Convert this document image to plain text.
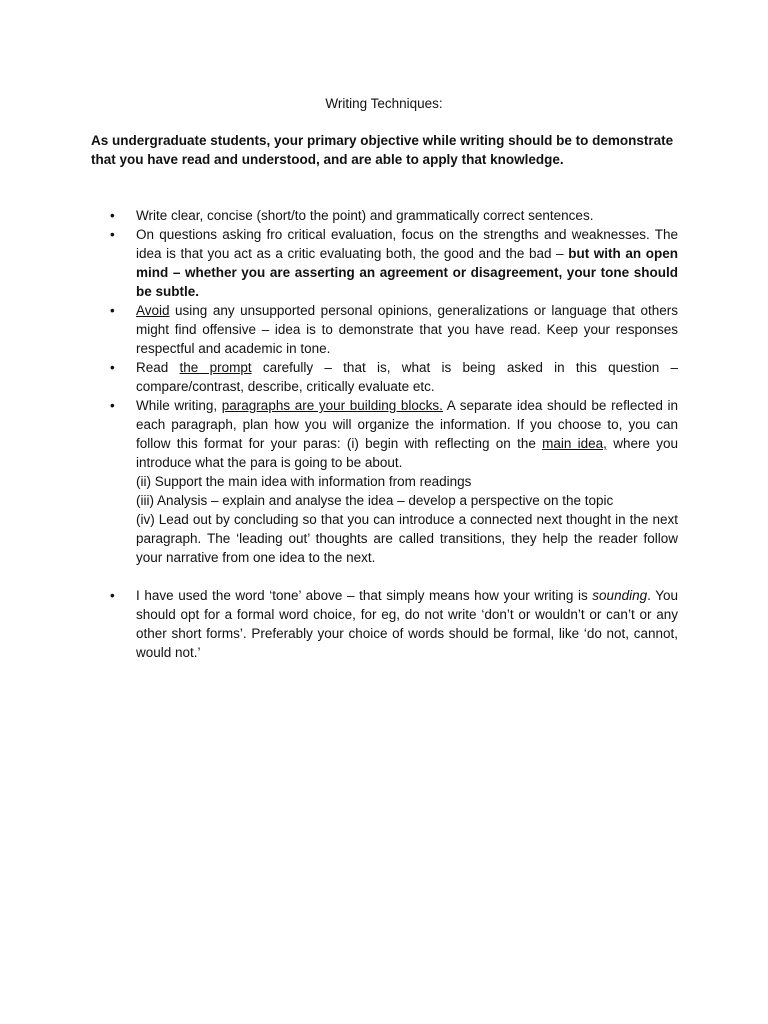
Writing Techniques:
As undergraduate students, your primary objective while writing should be to demonstrate that you have read and understood, and are able to apply that knowledge.
• Write clear, concise (short/to the point) and grammatically correct sentences.
• On questions asking fro critical evaluation, focus on the strengths and weaknesses. The idea is that you act as a critic evaluating both, the good and the bad – but with an open mind – whether you are asserting an agreement or disagreement, your tone should be subtle.
• Avoid using any unsupported personal opinions, generalizations or language that others might find offensive – idea is to demonstrate that you have read. Keep your responses respectful and academic in tone.
• Read the prompt carefully – that is, what is being asked in this question – compare/contrast, describe, critically evaluate etc.
• While writing, paragraphs are your building blocks. A separate idea should be reflected in each paragraph, plan how you will organize the information. If you choose to, you can follow this format for your paras: (i) begin with reflecting on the main idea, where you introduce what the para is going to be about.
(ii) Support the main idea with information from readings
(iii) Analysis – explain and analyse the idea – develop a perspective on the topic
(iv) Lead out by concluding so that you can introduce a connected next thought in the next paragraph. The ‘leading out’ thoughts are called transitions, they help the reader follow your narrative from one idea to the next.
• I have used the word ‘tone’ above – that simply means how your writing is sounding. You should opt for a formal word choice, for eg, do not write ‘don’t or wouldn’t or can’t or any other short forms’. Preferably your choice of words should be formal, like ‘do not, cannot, would not.’
